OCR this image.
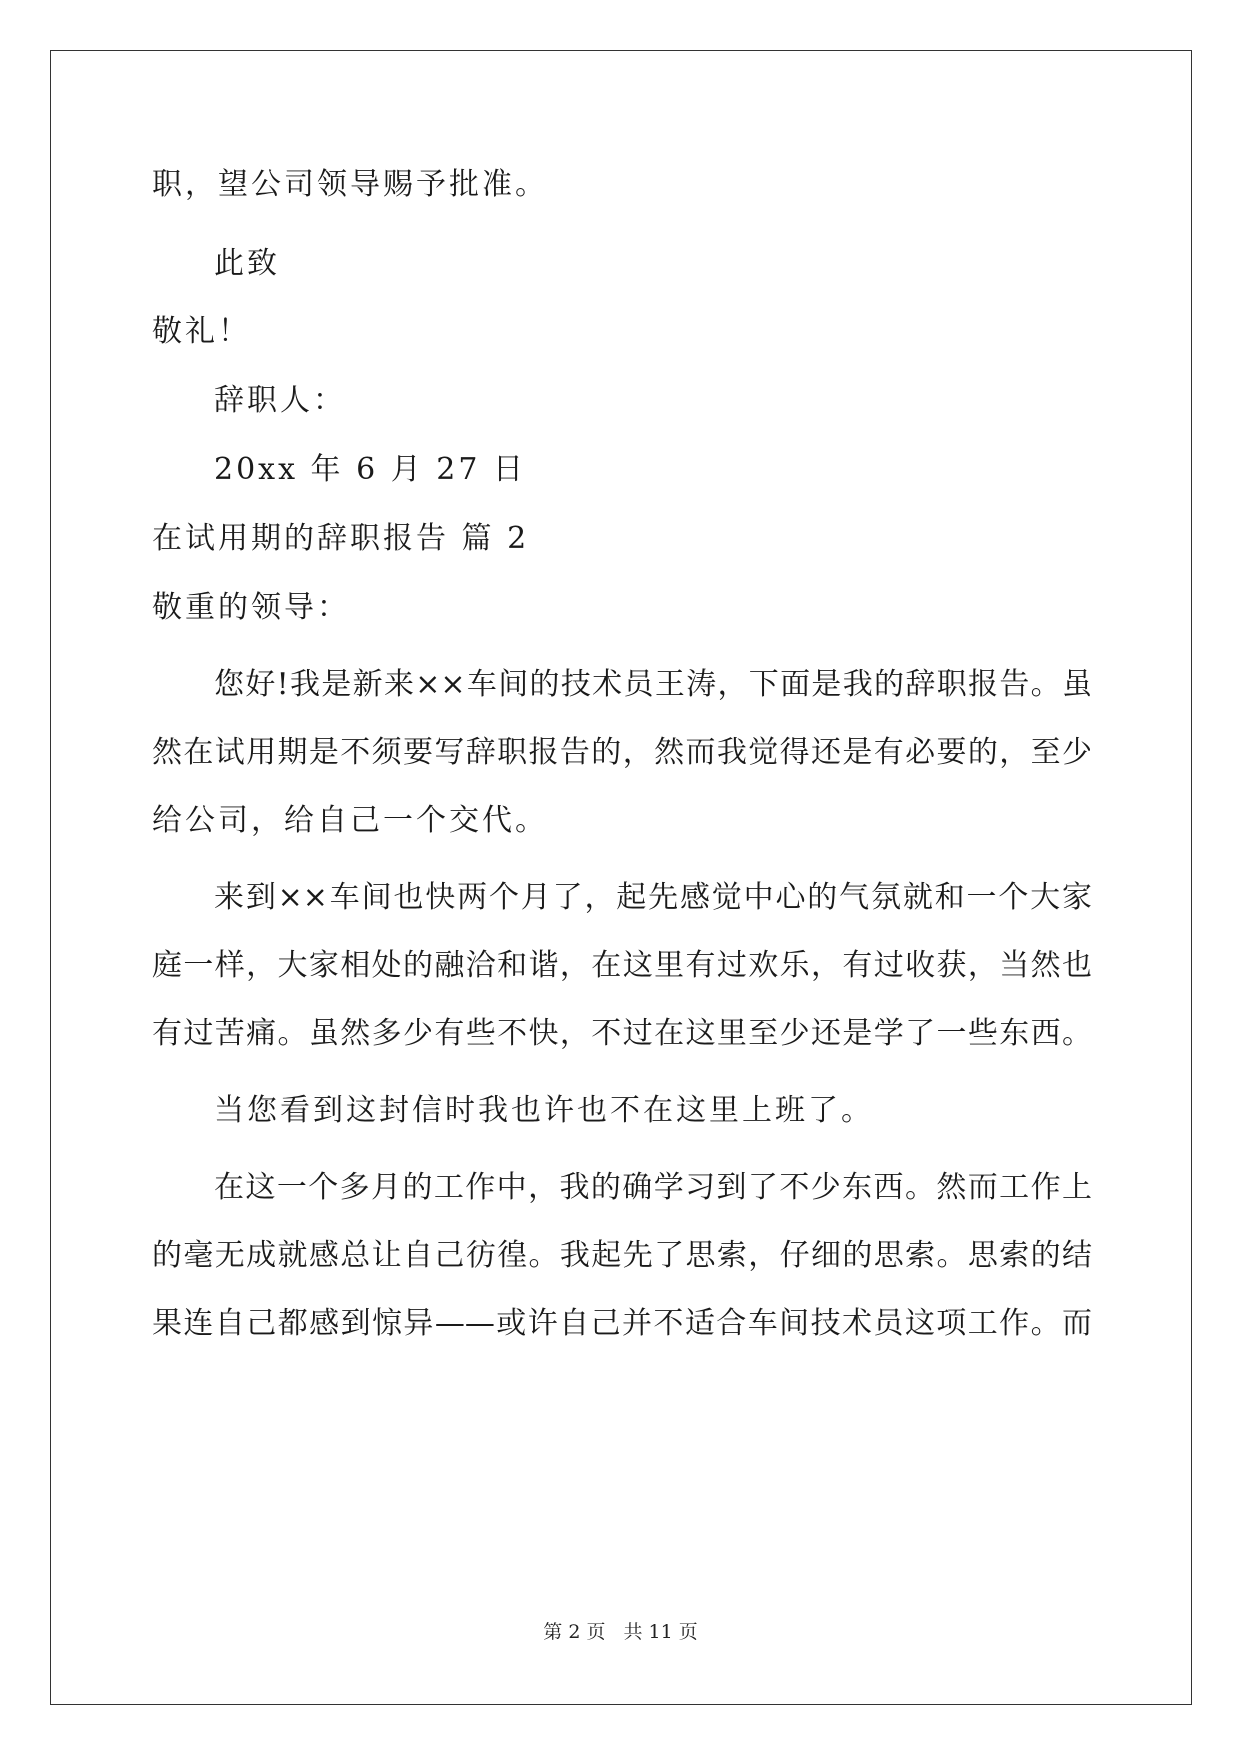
职，望公司领导赐予批准。
此致
敬礼！
辞职人：
20xx 年 6 月 27 日
在试用期的辞职报告 篇 2
敬重的领导：
您好!我是新来××车间的技术员王涛，下面是我的辞职报告。虽
然在试用期是不须要写辞职报告的，然而我觉得还是有必要的，至少
给公司，给自己一个交代。
来到××车间也快两个月了，起先感觉中心的气氛就和一个大家
庭一样，大家相处的融洽和谐，在这里有过欢乐，有过收获，当然也
有过苦痛。虽然多少有些不快，不过在这里至少还是学了一些东西。
当您看到这封信时我也许也不在这里上班了。
在这一个多月的工作中，我的确学习到了不少东西。然而工作上
的毫无成就感总让自己彷徨。我起先了思索，仔细的思索。思索的结
果连自己都感到惊异——或许自己并不适合车间技术员这项工作。而
第 2 页 共 11 页
